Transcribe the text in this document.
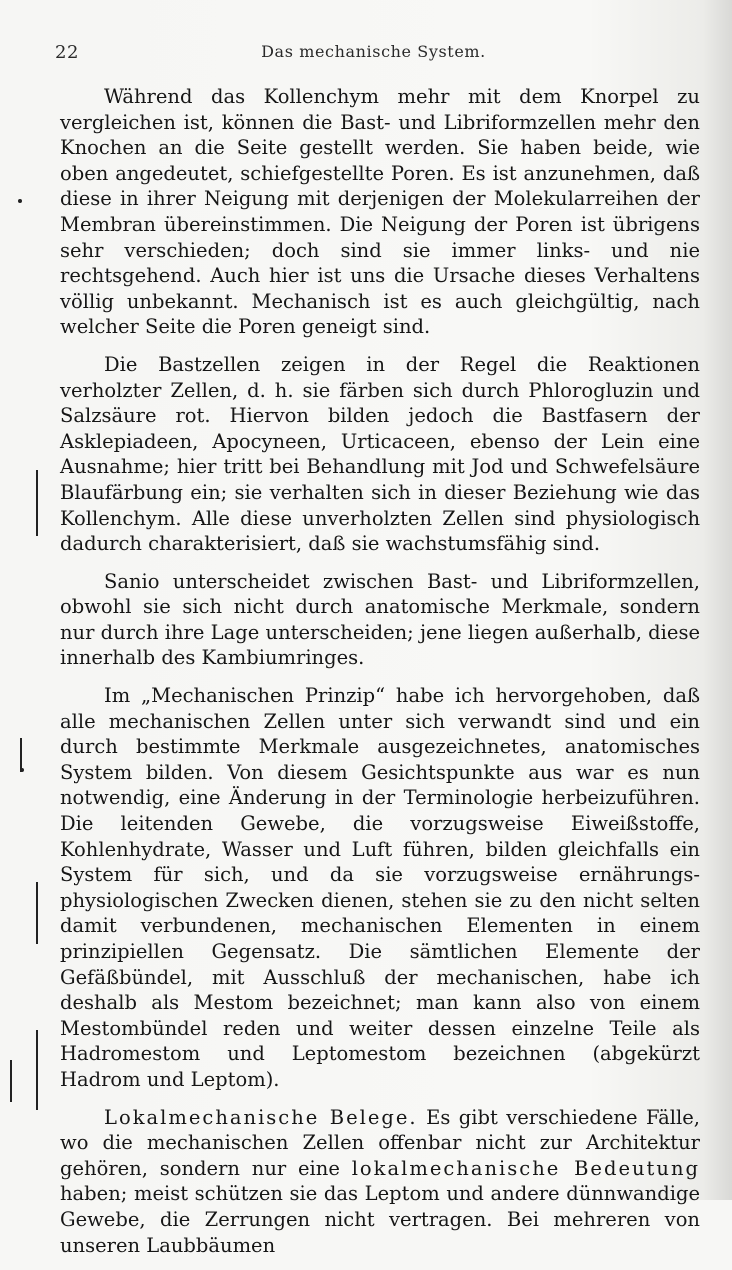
22	Das mechanische System.

Während das Kollenchym mehr mit dem Knorpel zu vergleichen ist, können die Bast- und Libriformzellen mehr den Knochen an die Seite gestellt werden. Sie haben beide, wie oben angedeutet, schiefgestellte Poren. Es ist anzunehmen, daß diese in ihrer Neigung mit derjenigen der Molekularreihen der Membran übereinstimmen. Die Neigung der Poren ist übrigens sehr verschieden; doch sind sie immer links- und nie rechtsgehend. Auch hier ist uns die Ursache dieses Verhaltens völlig unbekannt. Mechanisch ist es auch gleichgültig, nach welcher Seite die Poren geneigt sind.

Die Bastzellen zeigen in der Regel die Reaktionen verholzter Zellen, d. h. sie färben sich durch Phlorogluzin und Salzsäure rot. Hiervon bilden jedoch die Bastfasern der Asklepiadeen, Apocyneen, Urticaceen, ebenso der Lein eine Ausnahme; hier tritt bei Behandlung mit Jod und Schwefelsäure Blaufärbung ein; sie verhalten sich in dieser Beziehung wie das Kollenchym. Alle diese unverholzten Zellen sind physiologisch dadurch charakterisiert, daß sie wachstumsfähig sind.

Sanio unterscheidet zwischen Bast- und Libriformzellen, obwohl sie sich nicht durch anatomische Merkmale, sondern nur durch ihre Lage unterscheiden; jene liegen außerhalb, diese innerhalb des Kambiumringes.

Im „Mechanischen Prinzip“ habe ich hervorgehoben, daß alle mechanischen Zellen unter sich verwandt sind und ein durch bestimmte Merkmale ausgezeichnetes, anatomisches System bilden. Von diesem Gesichtspunkte aus war es nun notwendig, eine Änderung in der Terminologie herbeizuführen. Die leitenden Gewebe, die vorzugsweise Eiweißstoffe, Kohlenhydrate, Wasser und Luft führen, bilden gleichfalls ein System für sich, und da sie vorzugsweise ernährungs-physiologischen Zwecken dienen, stehen sie zu den nicht selten damit verbundenen, mechanischen Elementen in einem prinzipiellen Gegensatz. Die sämtlichen Elemente der Gefäßbündel, mit Ausschluß der mechanischen, habe ich deshalb als Mestom bezeichnet; man kann also von einem Mestombündel reden und weiter dessen einzelne Teile als Hadromestom und Leptomestom bezeichnen (abgekürzt Hadrom und Leptom).

Lokalmechanische Belege. Es gibt verschiedene Fälle, wo die mechanischen Zellen offenbar nicht zur Architektur gehören, sondern nur eine lokalmechanische Bedeutung haben; meist schützen sie das Leptom und andere dünnwandige Gewebe, die Zerrungen nicht vertragen. Bei mehreren von unseren Laubbäumen
